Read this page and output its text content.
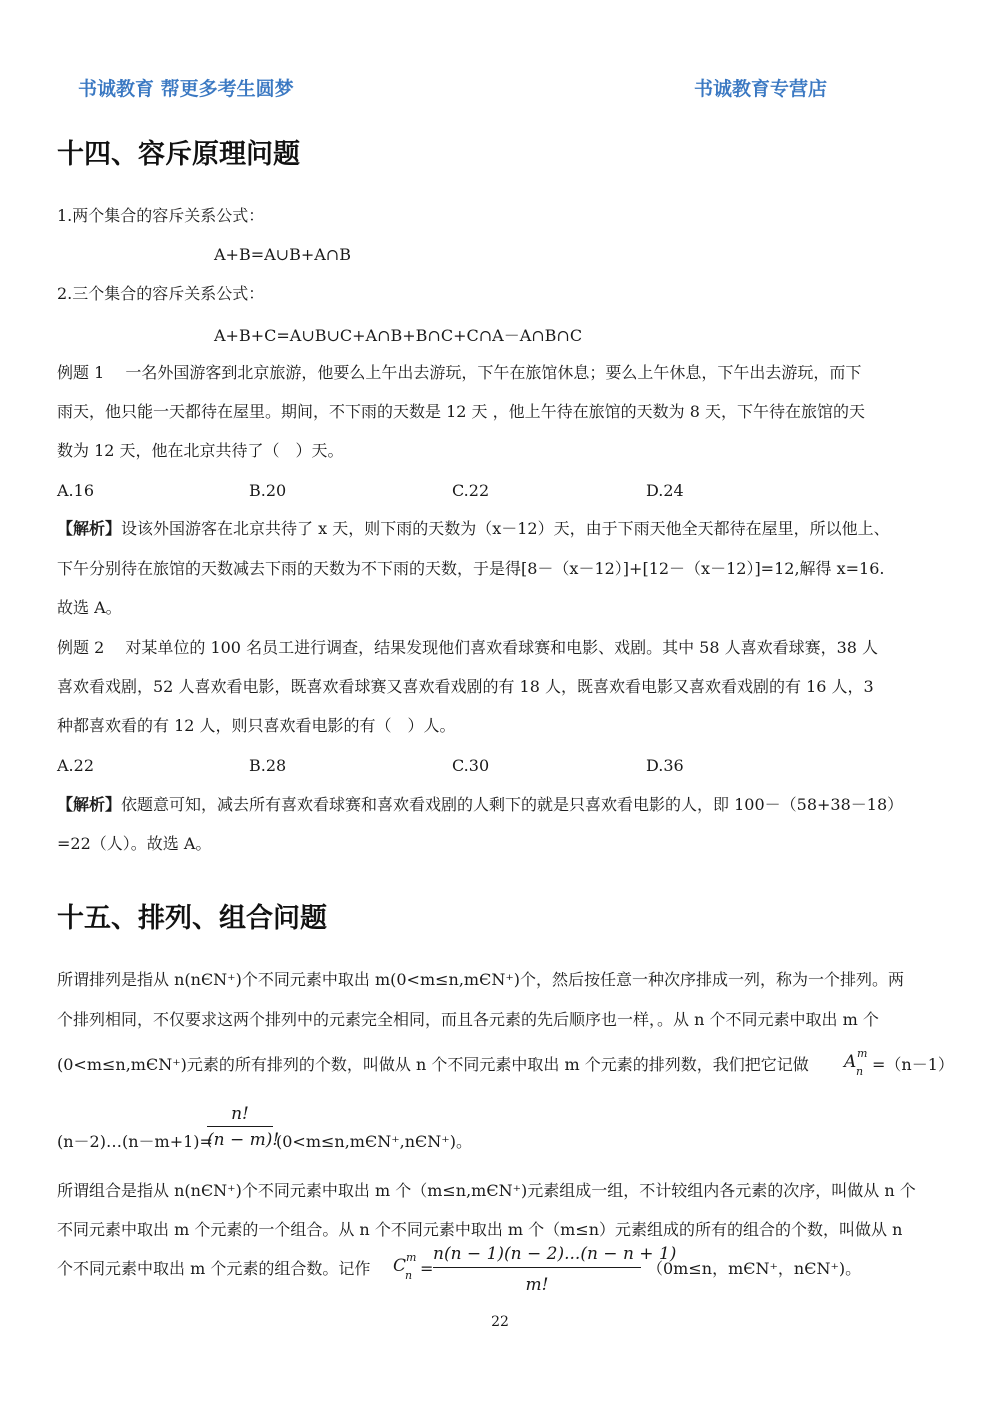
书诚教育 帮更多考生圆梦	书诚教育专营店
十四、容斥原理问题
1.两个集合的容斥关系公式：
A+B=A∪B+A∩B
2.三个集合的容斥关系公式：
A+B+C=A∪B∪C+A∩B+B∩C+C∩A－A∩B∩C
例题 1　 一名外国游客到北京旅游，他要么上午出去游玩，下午在旅馆休息；要么上午休息，下午出去游玩，而下
雨天，他只能一天都待在屋里。期间，不下雨的天数是 12 天 ，他上午待在旅馆的天数为 8 天，下午待在旅馆的天
数为 12 天，他在北京共待了（　）天。
A.16	B.20	C.22	D.24
【解析】设该外国游客在北京共待了 x 天，则下雨的天数为（x－12）天，由于下雨天他全天都待在屋里，所以他上、
下午分别待在旅馆的天数减去下雨的天数为不下雨的天数，于是得[8－（x－12）]+[12－（x－12）]=12,解得 x=16.
故选 A。
例题 2　 对某单位的 100 名员工进行调查，结果发现他们喜欢看球赛和电影、戏剧。其中 58 人喜欢看球赛，38 人
喜欢看戏剧，52 人喜欢看电影，既喜欢看球赛又喜欢看戏剧的有 18 人，既喜欢看电影又喜欢看戏剧的有 16 人，3
种都喜欢看的有 12 人，则只喜欢看电影的有（　）人。
A.22	B.28	C.30	D.36
【解析】依题意可知，减去所有喜欢看球赛和喜欢看戏剧的人剩下的就是只喜欢看电影的人，即 100－（58+38－18）
=22（人）。故选 A。
十五、排列、组合问题
所谓排列是指从 n(nЄN⁺)个不同元素中取出 m(0<m≤n,mЄN⁺)个，然后按任意一种次序排成一列，称为一个排列。两
个排列相同，不仅要求这两个排列中的元素完全相同，而且各元素的先后顺序也一样，。从 n 个不同元素中取出 m 个
(0<m≤n,mЄN⁺)元素的所有排列的个数，叫做从 n 个不同元素中取出 m 个元素的排列数，我们把它记做 A m
n =（n－1）
(n－2)…(n－m+1)=
n!
(n − m)!
(0<m≤n,mЄN⁺,nЄN⁺)。
所谓组合是指从 n(nЄN⁺)个不同元素中取出 m 个（m≤n,mЄN⁺)元素组成一组，不计较组内各元素的次序，叫做从 n 个
不同元素中取出 m 个元素的一个组合。从 n 个不同元素中取出 m 个（m≤n）元素组成的所有的组合的个数，叫做从 n
个不同元素中取出 m 个元素的组合数。记作 C m
n =
n(n − 1)(n − 2)...(n − n + 1)
m!
（0m≤n，mЄN⁺，nЄN⁺)。
22
